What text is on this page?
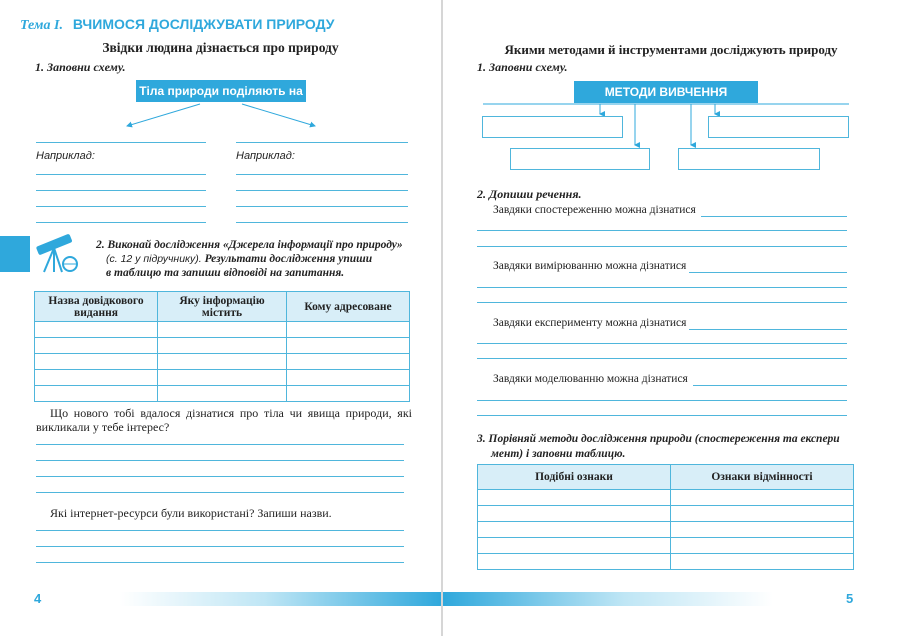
Тема І. ВЧИМОСЯ ДОСЛІДЖУВАТИ ПРИРОДУ
Звідки людина дізнається про природу
1. Заповни схему.
Тіла природи поділяють на
Наприклад:	Наприклад:
2. Виконай дослідження «Джерела інформації про природу»
(с. 12 у підручнику). Результати дослідження упиши
в таблицю та запиши відповіді на запитання.
Назва довідкового видання	Яку інформацію містить	Кому адресоване

Що нового тобі вдалося дізнатися про тіла чи явища природи, які викликали у тебе інтерес?
Які інтернет-ресурси були використані? Запиши назви.
4
Якими методами й інструментами досліджують природу
1. Заповни схему.
МЕТОДИ ВИВЧЕННЯ ПРИРОДИ
2. Допиши речення.
Завдяки спостереженню можна дізнатися
Завдяки вимірюванню можна дізнатися
Завдяки експерименту можна дізнатися
Завдяки моделюванню можна дізнатися
3. Порівняй методи дослідження природи (спостереження та експери
мент) і заповни таблицю.
Подібні ознаки	Ознаки відмінності

5
